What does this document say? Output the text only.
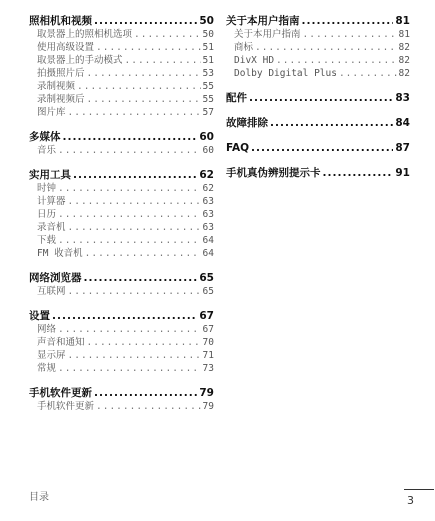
照相机和视频 .....	50
取景器上的照相机选项 .....	50
使用高级设置 .....	51
取景器上的手动模式 .....	51
拍摄照片后 .....	53
录制视频 .....	55
录制视频后 .....	55
图片库 .....	57
多媒体 .....	60
音乐 .....	60
实用工具 .....	62
时钟 .....	62
计算器 .....	63
日历 .....	63
录音机 .....	63
下载 .....	64
FM 收音机 .....	64
网络浏览器 .....	65
互联网 .....	65
设置 .....	67
网络 .....	67
声音和通知 .....	70
显示屏 .....	71
常规 .....	73
手机软件更新 .....	79
手机软件更新 .....	79
关于本用户指南 .....	81
关于本用户指南 .....	81
商标 .....	82
DivX HD .....	82
Dolby Digital Plus .....	82
配件 .....	83
故障排除 .....	84
FAQ .....	87
手机真伪辨别提示卡 .....	91
目录	3
